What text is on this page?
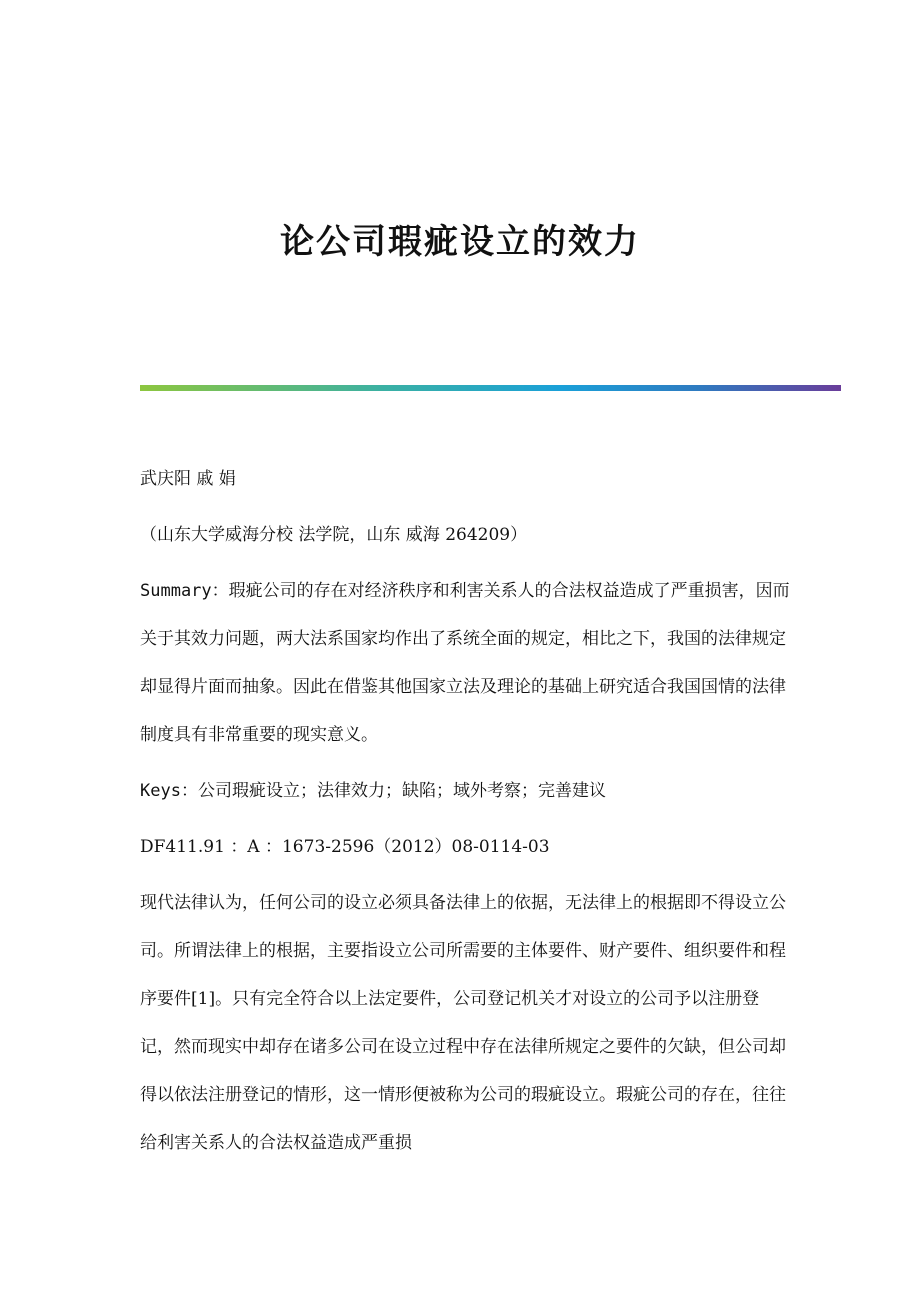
论公司瑕疵设立的效力

武庆阳 戚 娟

（山东大学威海分校 法学院，山东 威海 264209）

Summary：瑕疵公司的存在对经济秩序和利害关系人的合法权益造成了严重损害，因而关于其效力问题，两大法系国家均作出了系统全面的规定，相比之下，我国的法律规定却显得片面而抽象。因此在借鉴其他国家立法及理论的基础上研究适合我国国情的法律制度具有非常重要的现实意义。

Keys：公司瑕疵设立；法律效力；缺陷；域外考察；完善建议

DF411.91 ：A ：1673-2596（2012）08-0114-03

现代法律认为，任何公司的设立必须具备法律上的依据，无法律上的根据即不得设立公司。所谓法律上的根据，主要指设立公司所需要的主体要件、财产要件、组织要件和程序要件[1]。只有完全符合以上法定要件，公司登记机关才对设立的公司予以注册登记，然而现实中却存在诸多公司在设立过程中存在法律所规定之要件的欠缺，但公司却得以依法注册登记的情形，这一情形便被称为公司的瑕疵设立。瑕疵公司的存在，往往给利害关系人的合法权益造成严重损
